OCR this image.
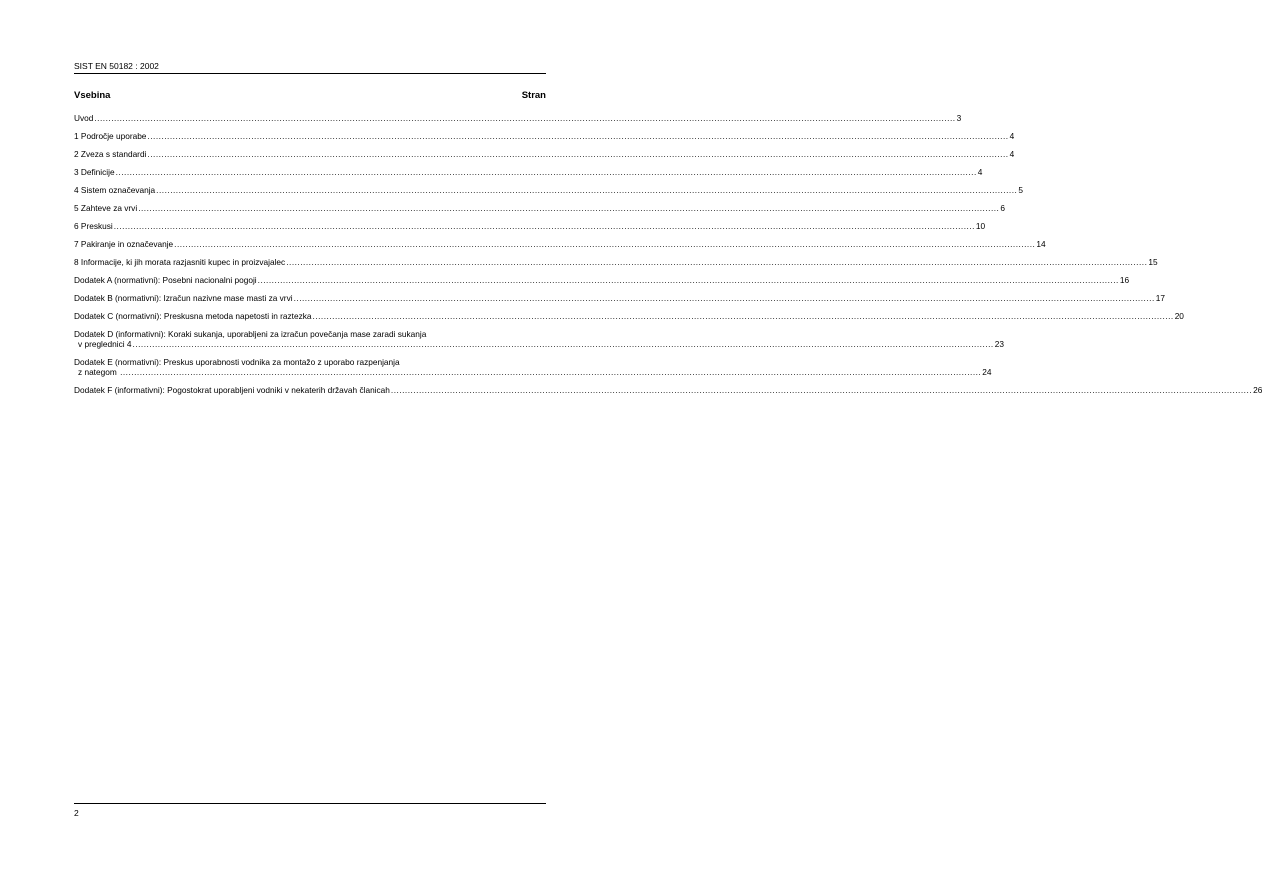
SIST EN 50182 : 2002
Vsebina	Stran
Uvod .....	3
1 Področje uporabe .....	4
2 Zveza s standardi .....	4
3 Definicije .....	4
4 Sistem označevanja .....	5
5 Zahteve za vrvi .....	6
6 Preskusi .....	10
7 Pakiranje in označevanje .....	14
8 Informacije, ki jih morata razjasniti kupec in proizvajalec .....	15
Dodatek A (normativni): Posebni nacionalni pogoji .....	16
Dodatek B (normativni): Izračun nazivne mase masti za vrvi .....	17
Dodatek C (normativni): Preskusna metoda napetosti in raztezka .....	20
Dodatek D (informativni): Koraki sukanja, uporabljeni za izračun povečanja mase zaradi sukanja
v preglednici 4 .....	23
Dodatek E (normativni): Preskus uporabnosti vodnika za montažo z uporabo razpenjanja
z nategom .....	24
Dodatek F (informativni): Pogostokrat uporabljeni vodniki v nekaterih državah članicah .....	26
2
